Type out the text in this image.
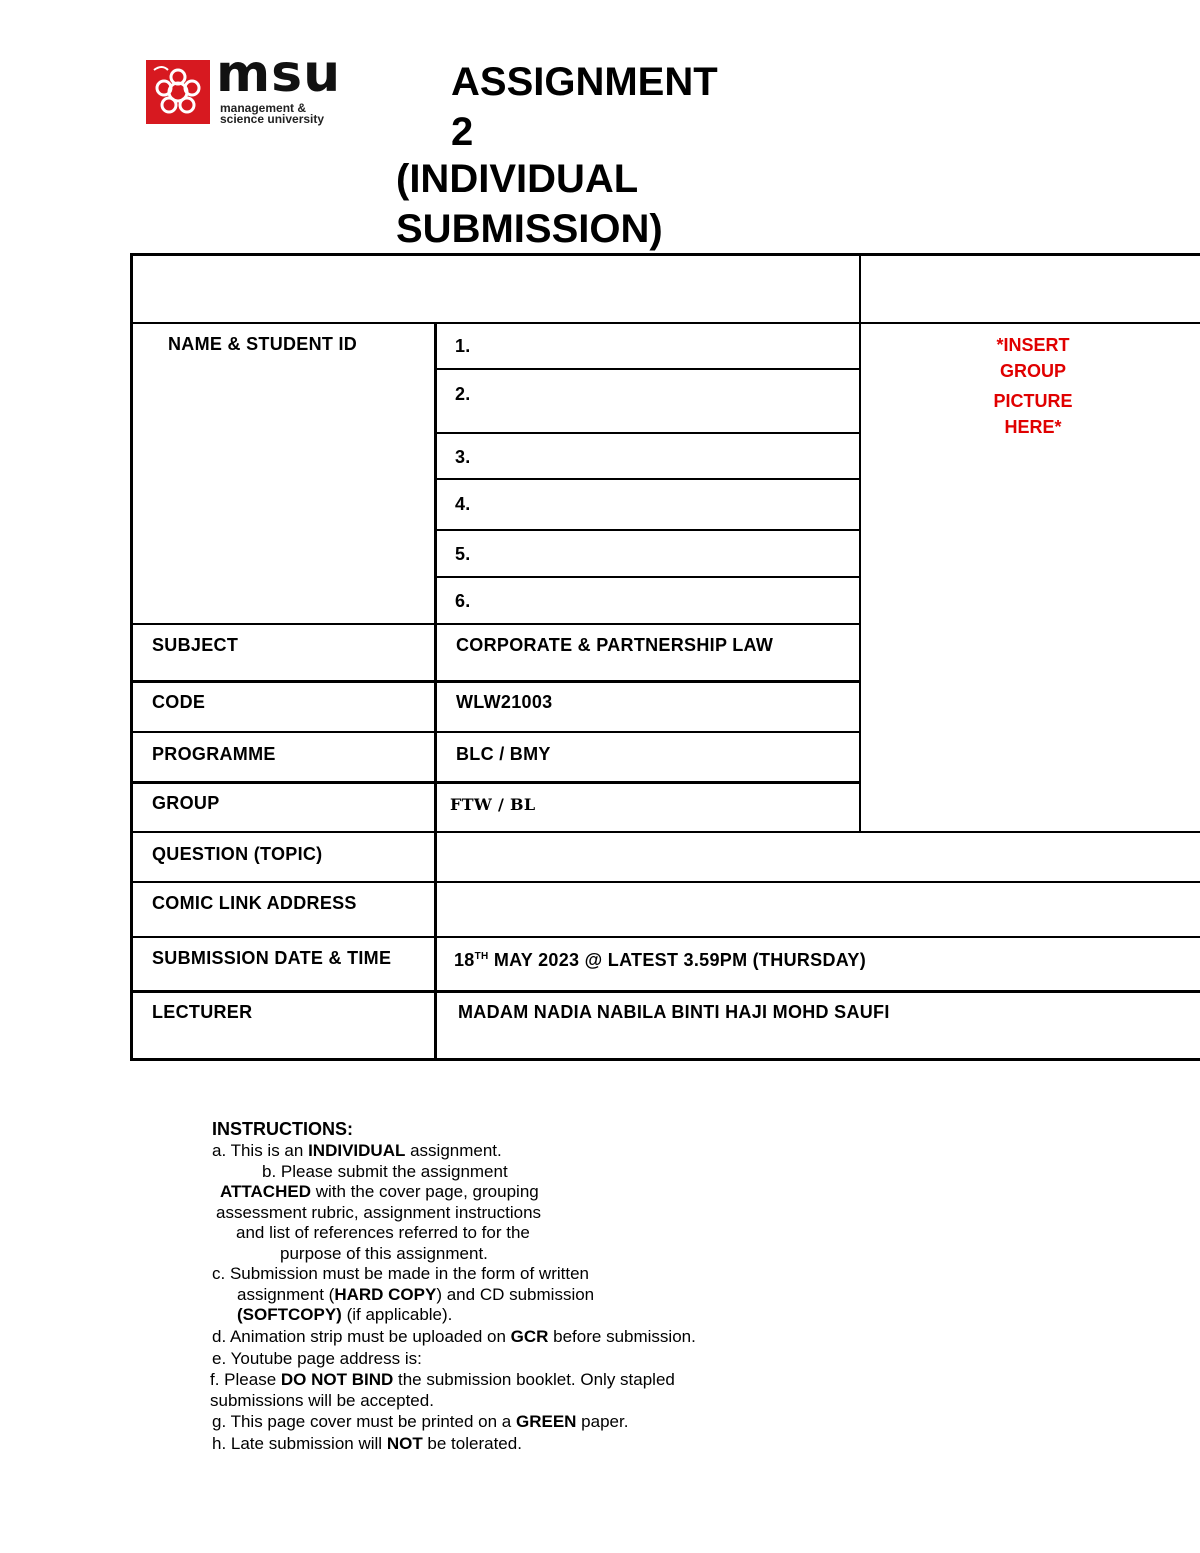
msu
management &
science university
ASSIGNMENT
2
(INDIVIDUAL
SUBMISSION)
NAME & STUDENT ID	1.
2.
3.
4.
5.
6.
*INSERT
GROUP
PICTURE
HERE*
SUBJECT	CORPORATE & PARTNERSHIP LAW
CODE	WLW21003
PROGRAMME	BLC / BMY
GROUP	FTW / BL
QUESTION (TOPIC)
COMIC LINK ADDRESS
SUBMISSION DATE & TIME	18TH MAY 2023 @ LATEST 3.59PM (THURSDAY)
LECTURER	MADAM NADIA NABILA BINTI HAJI MOHD SAUFI
INSTRUCTIONS:
a. This is an INDIVIDUAL assignment.
b. Please submit the assignment
ATTACHED with the cover page, grouping
assessment rubric, assignment instructions
and list of references referred to for the
purpose of this assignment.
c. Submission must be made in the form of written
assignment (HARD COPY) and CD submission
(SOFTCOPY) (if applicable).
d. Animation strip must be uploaded on GCR before submission.
e. Youtube page address is:
f. Please DO NOT BIND the submission booklet. Only stapled
submissions will be accepted.
g. This page cover must be printed on a GREEN paper.
h. Late submission will NOT be tolerated.
